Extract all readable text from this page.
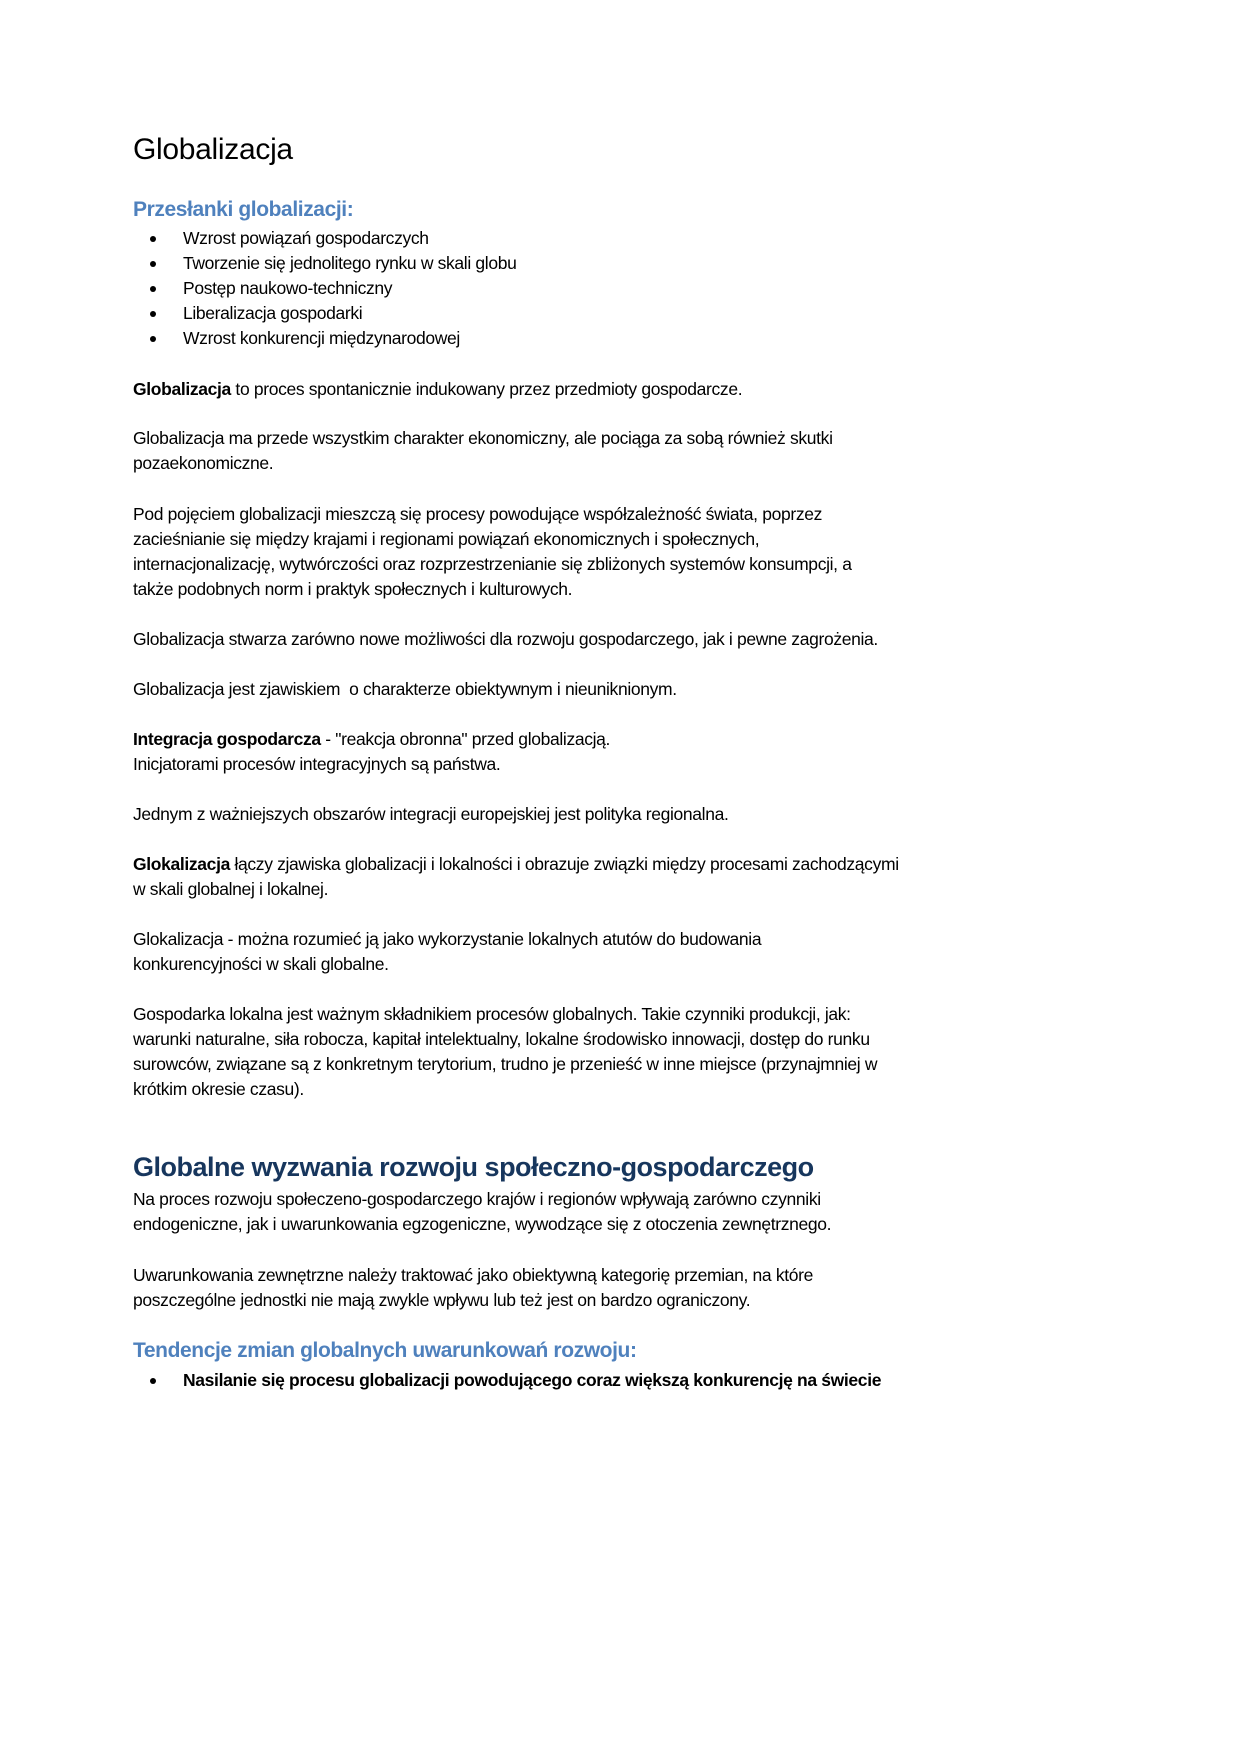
Globalizacja
Przesłanki globalizacji:
Wzrost powiązań gospodarczych
Tworzenie się jednolitego rynku w skali globu
Postęp naukowo-techniczny
Liberalizacja gospodarki
Wzrost konkurencji międzynarodowej
Globalizacja to proces spontanicznie indukowany przez przedmioty gospodarcze.
Globalizacja ma przede wszystkim charakter ekonomiczny, ale pociąga za sobą również skutki
pozaekonomiczne.
Pod pojęciem globalizacji mieszczą się procesy powodujące współzależność świata, poprzez
zacieśnianie się między krajami i regionami powiązań ekonomicznych i społecznych,
internacjonalizację, wytwórczości oraz rozprzestrzenianie się zbliżonych systemów konsumpcji, a
także podobnych norm i praktyk społecznych i kulturowych.
Globalizacja stwarza zarówno nowe możliwości dla rozwoju gospodarczego, jak i pewne zagrożenia.
Globalizacja jest zjawiskiem  o charakterze obiektywnym i nieuniknionym.
Integracja gospodarcza - "reakcja obronna" przed globalizacją.
Inicjatorami procesów integracyjnych są państwa.
Jednym z ważniejszych obszarów integracji europejskiej jest polityka regionalna.
Glokalizacja łączy zjawiska globalizacji i lokalności i obrazuje związki między procesami zachodzącymi
w skali globalnej i lokalnej.
Glokalizacja - można rozumieć ją jako wykorzystanie lokalnych atutów do budowania
konkurencyjności w skali globalne.
Gospodarka lokalna jest ważnym składnikiem procesów globalnych. Takie czynniki produkcji, jak:
warunki naturalne, siła robocza, kapitał intelektualny, lokalne środowisko innowacji, dostęp do runku
surowców, związane są z konkretnym terytorium, trudno je przenieść w inne miejsce (przynajmniej w
krótkim okresie czasu).
Globalne wyzwania rozwoju społeczno-gospodarczego
Na proces rozwoju społeczeno-gospodarczego krajów i regionów wpływają zarówno czynniki
endogeniczne, jak i uwarunkowania egzogeniczne, wywodzące się z otoczenia zewnętrznego.
Uwarunkowania zewnętrzne należy traktować jako obiektywną kategorię przemian, na które
poszczególne jednostki nie mają zwykle wpływu lub też jest on bardzo ograniczony.
Tendencje zmian globalnych uwarunkowań rozwoju:
Nasilanie się procesu globalizacji powodującego coraz większą konkurencję na świecie
